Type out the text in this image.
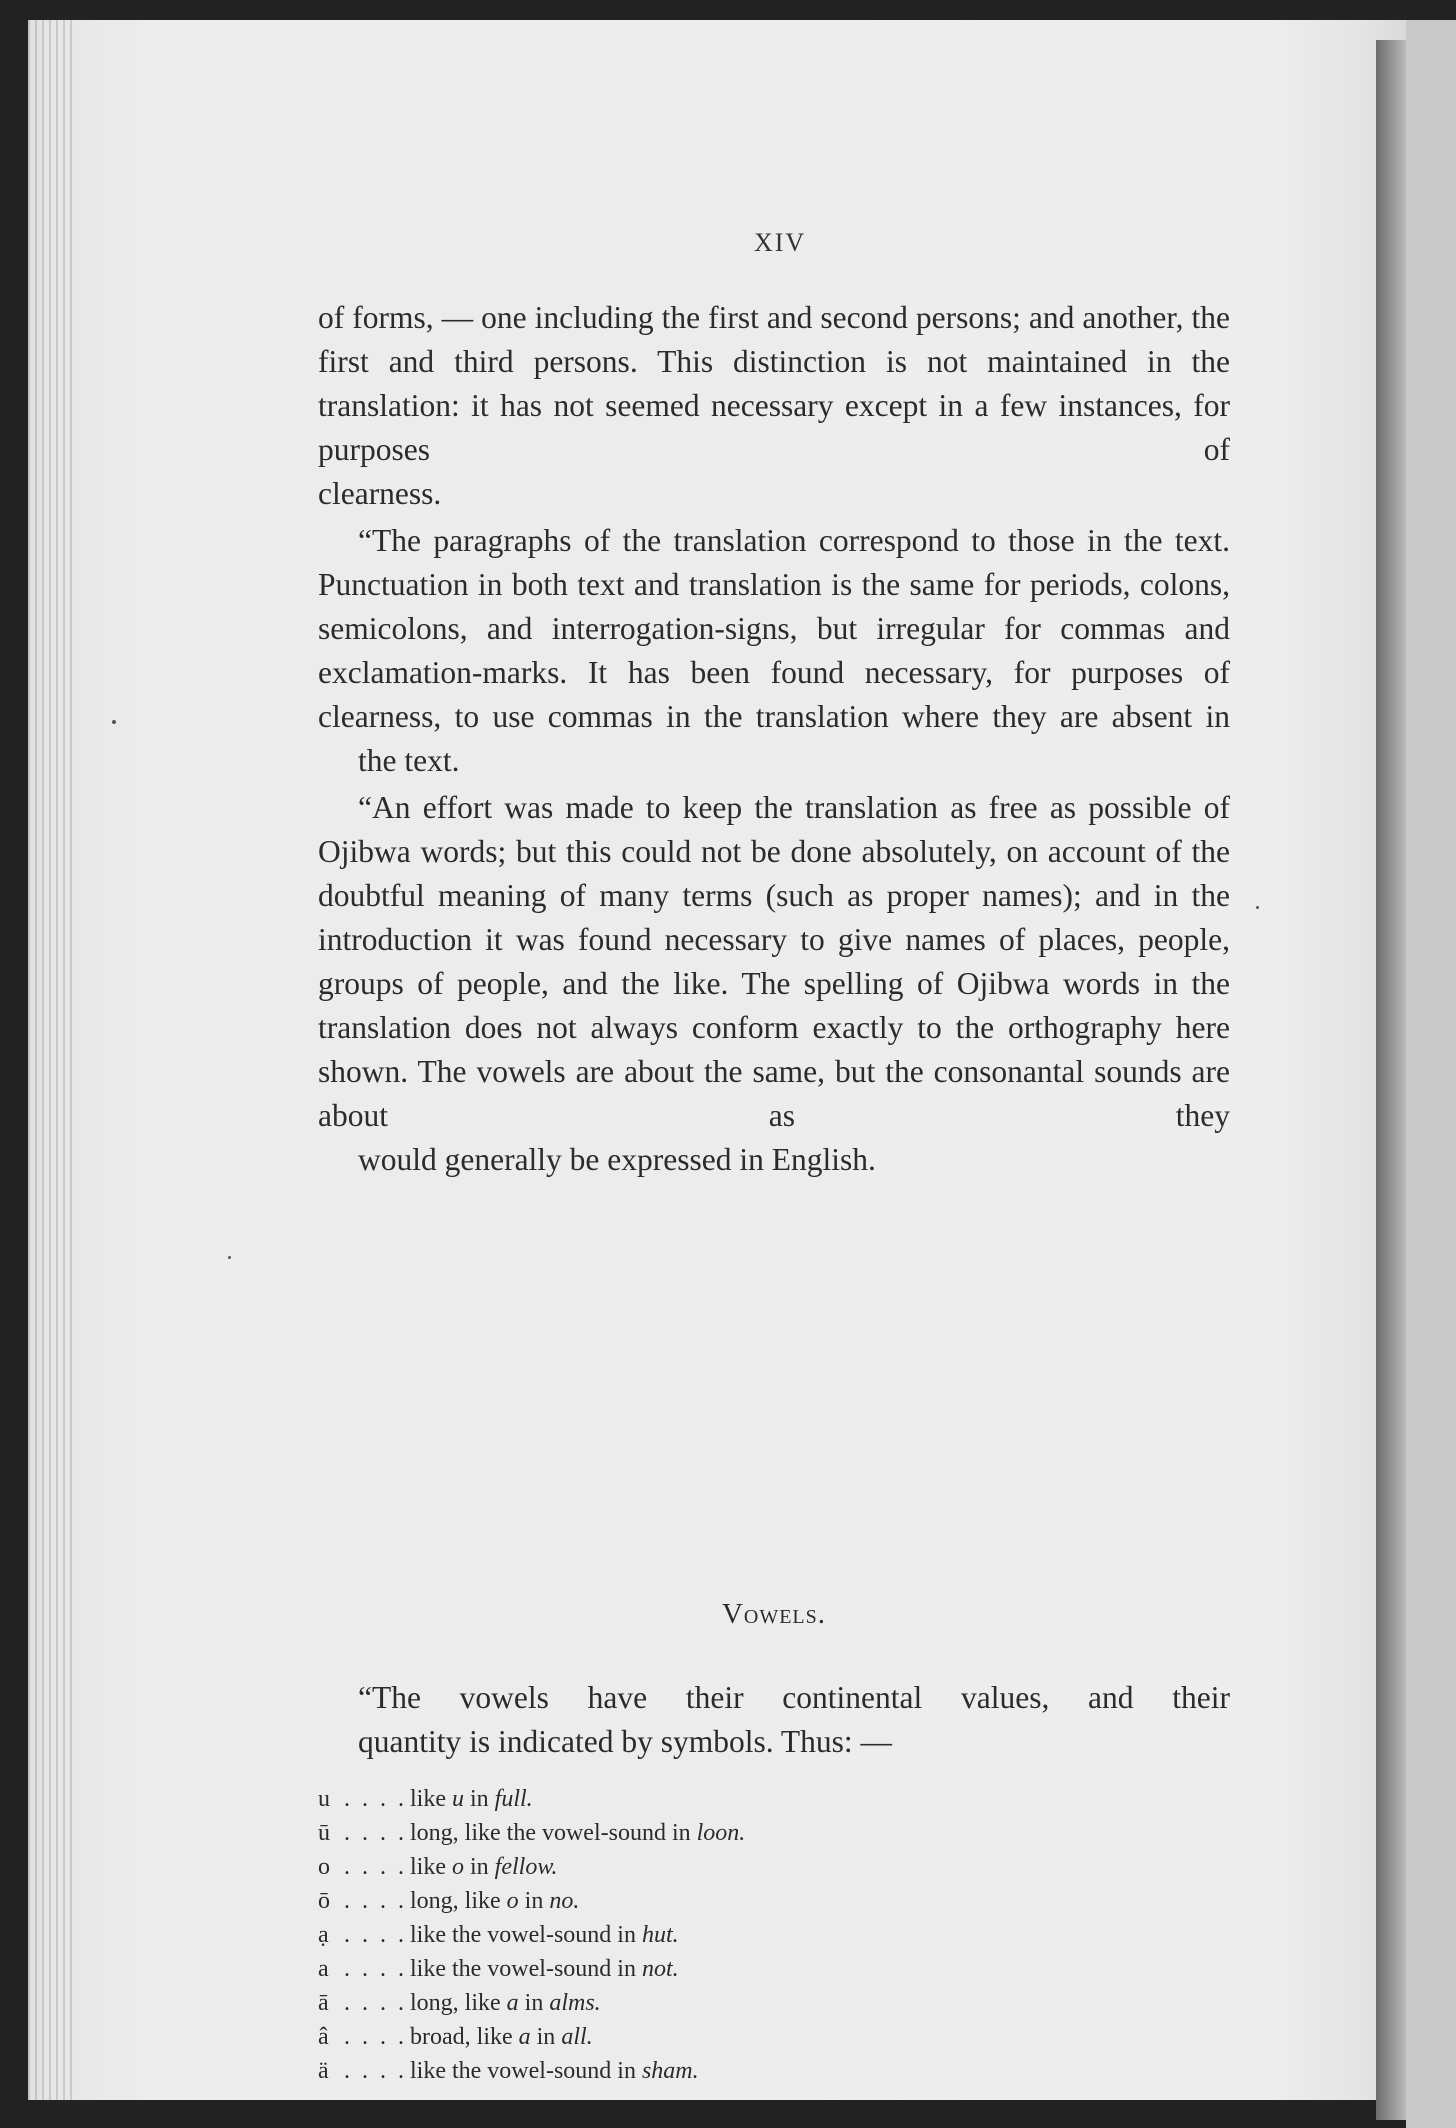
XIV

of forms, — one including the first and second persons; and another, the first and third persons. This distinction is not maintained in the translation: it has not seemed necessary except in a few instances, for purposes of
clearness.

“The paragraphs of the translation correspond to those in the text. Punctuation in both text and translation is the same for periods, colons, semicolons, and interrogation-signs, but irregular for commas and exclamation-marks. It has been found necessary, for purposes of clearness, to use commas in the translation where they are absent in
the text.

“An effort was made to keep the translation as free as possible of Ojibwa words; but this could not be done absolutely, on account of the doubtful meaning of many terms (such as proper names); and in the introduction it was found necessary to give names of places, people, groups of people, and the like. The spelling of Ojibwa words in the translation does not always conform exactly to the orthography here shown. The vowels are about the same, but the consonantal sounds are about as they
would generally be expressed in English.

Vowels.

“The vowels have their continental values, and their
quantity is indicated by symbols. Thus: —

u . . . . like u in full.
ū . . . . long, like the vowel-sound in loon.
o . . . . like o in fellow.
ō . . . . long, like o in no.
ạ . . . . like the vowel-sound in hut.
a . . . . like the vowel-sound in not.
ā . . . . long, like a in alms.
â . . . . broad, like a in all.
ä . . . . like the vowel-sound in sham.
